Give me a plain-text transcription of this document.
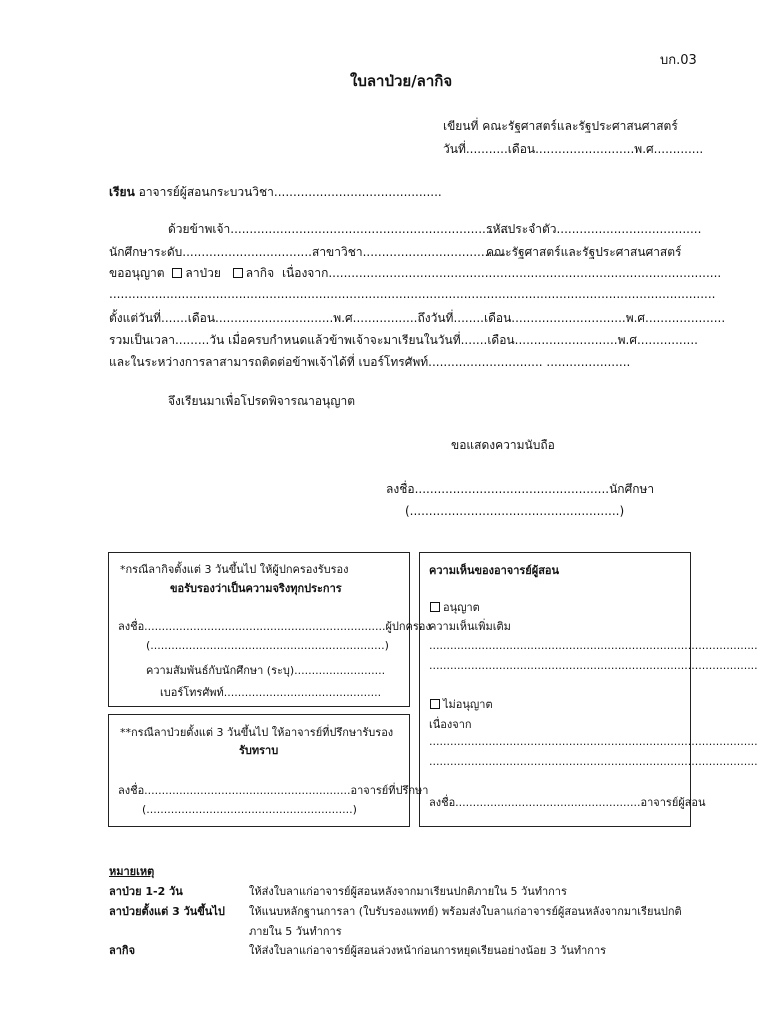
บก.03
ใบลาป่วย/ลากิจ
เขียนที่ คณะรัฐศาสตร์และรัฐประศาสนศาสตร์
วันที่...........เดือน..........................พ.ศ.............
เรียน อาจารย์ผู้สอนกระบวนวิชา............................................
ด้วยข้าพเจ้า.........................................................................
รหัสประจำตัว......................................
นักศึกษาระดับ..................................สาขาวิชา.....................................
คณะรัฐศาสตร์และรัฐประศาสนศาสตร์
ขออนุญาต ลาป่วย ลากิจ เนื่องจาก.......................................................................................................
...............................................................................................................................................................
ตั้งแต่วันที่.......เดือน...............................พ.ศ.................ถึงวันที่........เดือน..............................พ.ศ.....................
รวมเป็นเวลา.........วัน เมื่อครบกำหนดแล้วข้าพเจ้าจะมาเรียนในวันที่.......เดือน...........................พ.ศ................
และในระหว่างการลาสามารถติดต่อข้าพเจ้าได้ที่ เบอร์โทรศัพท์.............................. ......................
จึงเรียนมาเพื่อโปรดพิจารณาอนุญาต
ขอแสดงความนับถือ
ลงชื่อ...................................................นักศึกษา
(.......................................................)
*กรณีลากิจตั้งแต่ 3 วันขึ้นไป ให้ผู้ปกครองรับรอง
ขอรับรองว่าเป็นความจริงทุกประการ
ลงชื่อ.....................................................................ผู้ปกครอง
(...................................................................)
ความสัมพันธ์กับนักศึกษา (ระบุ)..........................
เบอร์โทรศัพท์.............................................
**กรณีลาป่วยตั้งแต่ 3 วันขึ้นไป ให้อาจารย์ที่ปรึกษารับรอง
รับทราบ
ลงชื่อ...........................................................อาจารย์ที่ปรึกษา
(...........................................................)
ความเห็นของอาจารย์ผู้สอน
อนุญาต
ความเห็นเพิ่มเติม
..............................................................................................
..............................................................................................
ไม่อนุญาต
เนื่องจาก
..............................................................................................
..............................................................................................
ลงชื่อ.....................................................อาจารย์ผู้สอน
หมายเหตุ
ลาป่วย 1-2 วัน	ให้ส่งใบลาแก่อาจารย์ผู้สอนหลังจากมาเรียนปกติภายใน 5 วันทำการ
ลาป่วยตั้งแต่ 3 วันขึ้นไป ให้แนบหลักฐานการลา (ใบรับรองแพทย์) พร้อมส่งใบลาแก่อาจารย์ผู้สอนหลังจากมาเรียนปกติ
ภายใน 5 วันทำการ
ลากิจ	ให้ส่งใบลาแก่อาจารย์ผู้สอนล่วงหน้าก่อนการหยุดเรียนอย่างน้อย 3 วันทำการ
